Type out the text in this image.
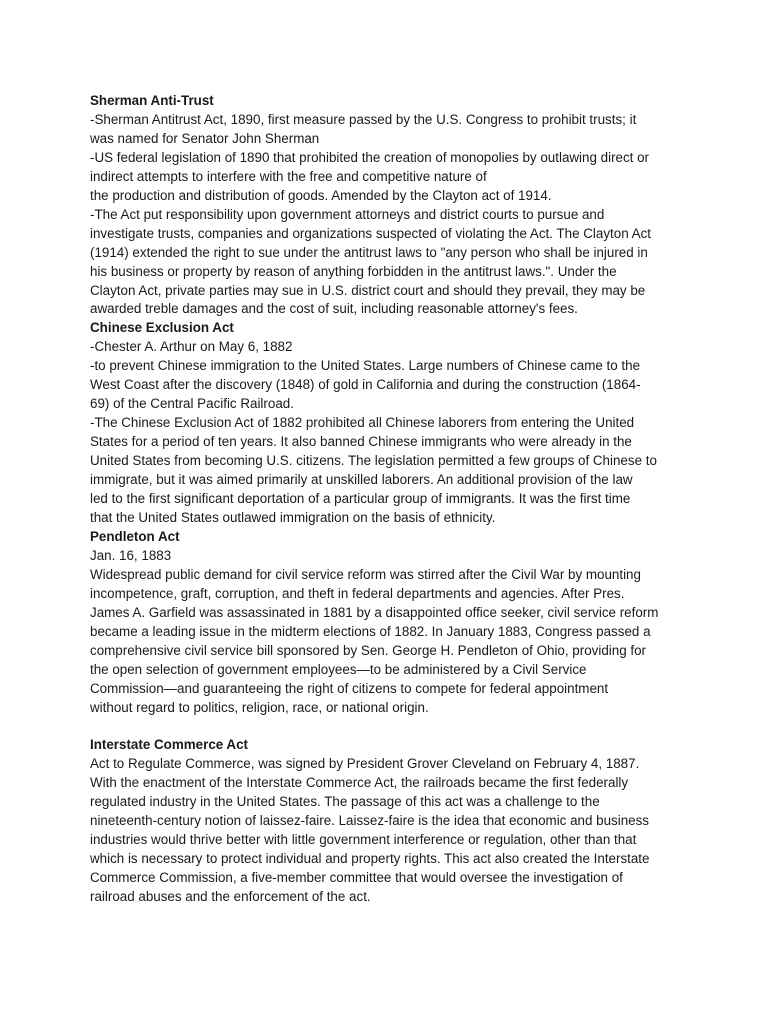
Sherman Anti-Trust
-Sherman Antitrust Act, 1890, first measure passed by the U.S. Congress to prohibit trusts; it
was named for Senator John Sherman
-US federal legislation of 1890 that prohibited the creation of monopolies by outlawing direct or
indirect attempts to interfere with the free and competitive nature of
the production and distribution of goods. Amended by the Clayton act of 1914.
-The Act put responsibility upon government attorneys and district courts to pursue and
investigate trusts, companies and organizations suspected of violating the Act. The Clayton Act
(1914) extended the right to sue under the antitrust laws to "any person who shall be injured in
his business or property by reason of anything forbidden in the antitrust laws.". Under the
Clayton Act, private parties may sue in U.S. district court and should they prevail, they may be
awarded treble damages and the cost of suit, including reasonable attorney's fees.
Chinese Exclusion Act
-Chester A. Arthur on May 6, 1882
-to prevent Chinese immigration to the United States. Large numbers of Chinese came to the
West Coast after the discovery (1848) of gold in California and during the construction (1864-
69) of the Central Pacific Railroad.
-The Chinese Exclusion Act of 1882 prohibited all Chinese laborers from entering the United
States for a period of ten years. It also banned Chinese immigrants who were already in the
United States from becoming U.S. citizens. The legislation permitted a few groups of Chinese to
immigrate, but it was aimed primarily at unskilled laborers. An additional provision of the law
led to the first significant deportation of a particular group of immigrants. It was the first time
that the United States outlawed immigration on the basis of ethnicity.
Pendleton Act
Jan. 16, 1883
Widespread public demand for civil service reform was stirred after the Civil War by mounting
incompetence, graft, corruption, and theft in federal departments and agencies. After Pres.
James A. Garfield was assassinated in 1881 by a disappointed office seeker, civil service reform
became a leading issue in the midterm elections of 1882. In January 1883, Congress passed a
comprehensive civil service bill sponsored by Sen. George H. Pendleton of Ohio, providing for
the open selection of government employees—to be administered by a Civil Service
Commission—and guaranteeing the right of citizens to compete for federal appointment
without regard to politics, religion, race, or national origin.
Interstate Commerce Act
Act to Regulate Commerce, was signed by President Grover Cleveland on February 4, 1887.
With the enactment of the Interstate Commerce Act, the railroads became the first federally
regulated industry in the United States. The passage of this act was a challenge to the
nineteenth-century notion of laissez-faire. Laissez-faire is the idea that economic and business
industries would thrive better with little government interference or regulation, other than that
which is necessary to protect individual and property rights. This act also created the Interstate
Commerce Commission, a five-member committee that would oversee the investigation of
railroad abuses and the enforcement of the act.
